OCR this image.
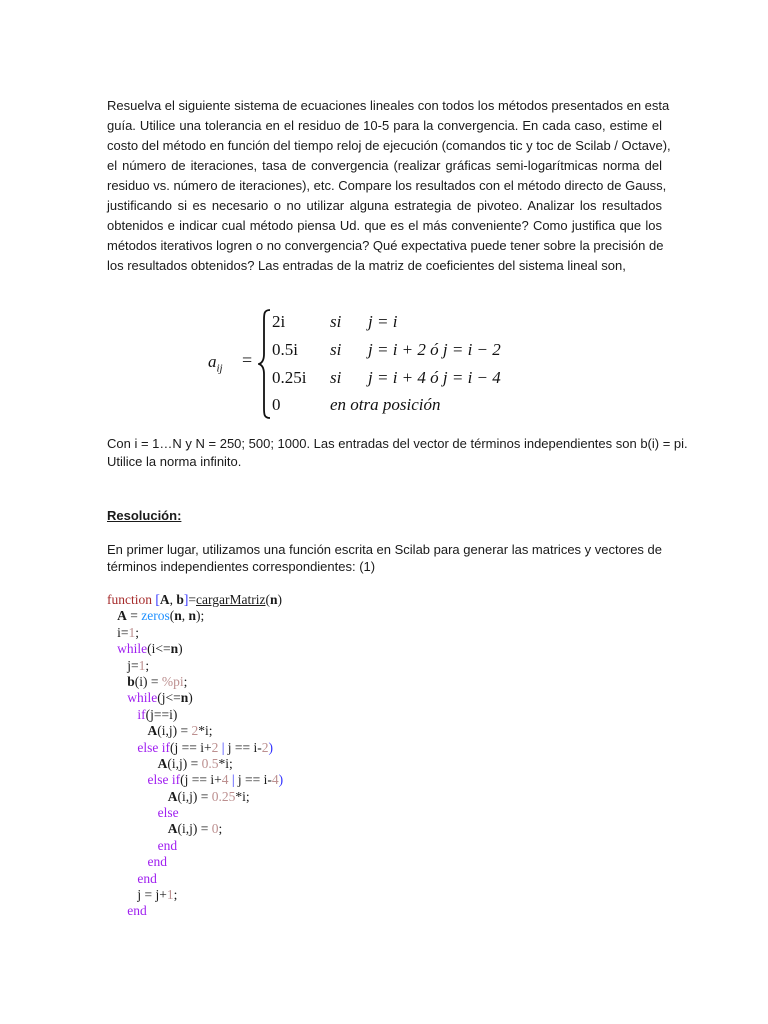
Resuelva el siguiente sistema de ecuaciones lineales con todos los métodos presentados en esta
guía. Utilice una tolerancia en el residuo de 10-5 para la convergencia. En cada caso, estime el
costo del método en función del tiempo reloj de ejecución (comandos tic y toc de Scilab / Octave),
el número de iteraciones, tasa de convergencia (realizar gráficas semi-logarítmicas norma del
residuo vs. número de iteraciones), etc. Compare los resultados con el método directo de Gauss,
justificando si es necesario o no utilizar alguna estrategia de pivoteo. Analizar los resultados
obtenidos e indicar cual método piensa Ud. que es el más conveniente? Como justifica que los
métodos iterativos logren o no convergencia? Qué expectativa puede tener sobre la precisión de
los resultados obtenidos? Las entradas de la matriz de coeficientes del sistema lineal son,
$a_{ij}$ =
2i	si j = i
0.5i si j = i + 2 ó j = i − 2
0.25i si j = i + 4 ó j = i − 4
0	en otra posición
Con i = 1…N y N = 250; 500; 1000. Las entradas del vector de términos independientes son b(i) = pi.
Utilice la norma infinito.
Resolución:
En primer lugar, utilizamos una función escrita en Scilab para generar las matrices y vectores de
términos independientes correspondientes: (1)
function [A, b]=cargarMatriz(n)
A = zeros(n, n);
i=1;
while(i<=n)
j=1;
b(i) = %pi;
while(j<=n)
if(j==i)
A(i,j) = 2*i;
else if(j == i+2 | j == i-2)
A(i,j) = 0.5*i;
else if(j == i+4 | j == i-4)
A(i,j) = 0.25*i;
else
A(i,j) = 0;
end
end
end
j = j+1;
end
